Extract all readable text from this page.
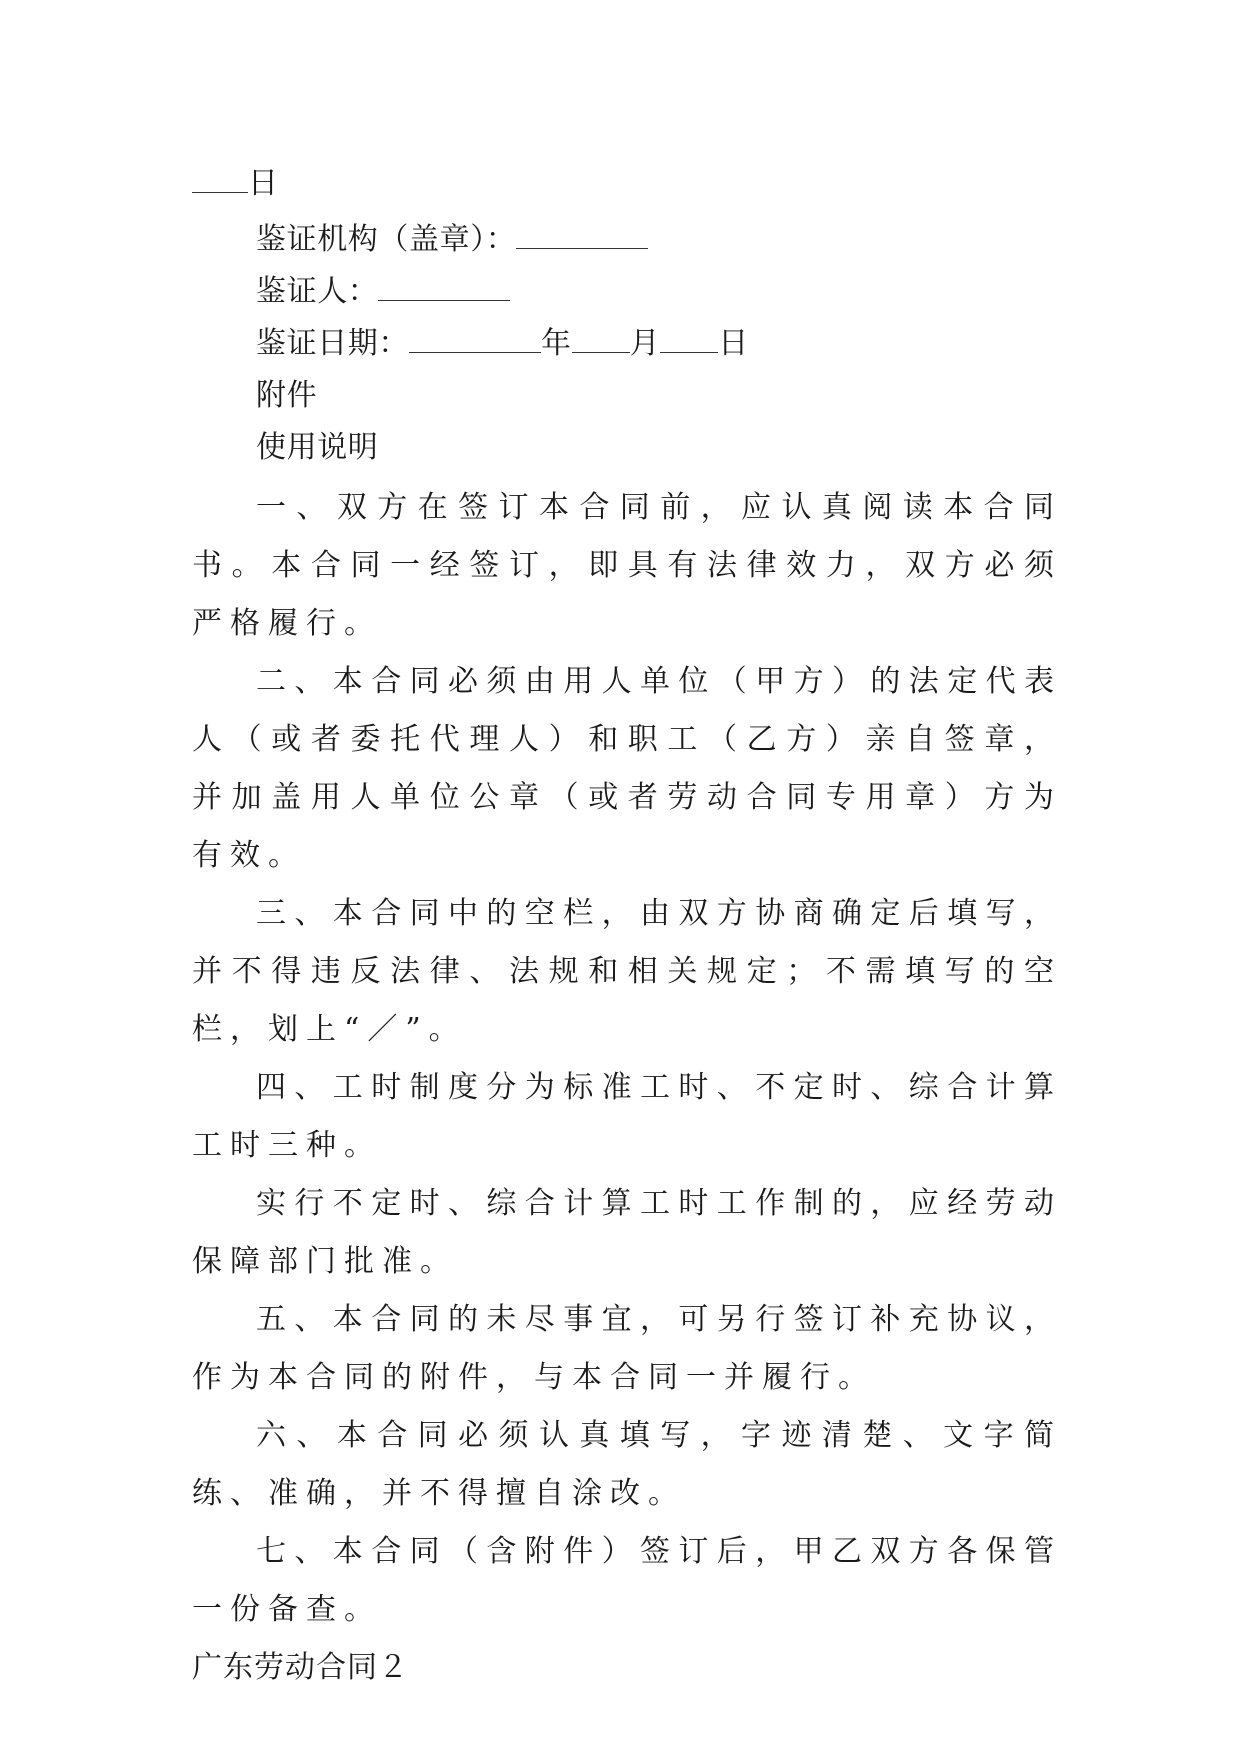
日

鉴证机构（盖章）：

鉴证人：

鉴证日期：	年 月 日

附件

使用说明

一、双方在签订本合同前，应认真阅读本合同书。本合同一经签订，即具有法律效力，双方必须严格履行。

二、本合同必须由用人单位（甲方）的法定代表人（或者委托代理人）和职工（乙方）亲自签章，并加盖用人单位公章（或者劳动合同专用章）方为有效。

三、本合同中的空栏，由双方协商确定后填写，并不得违反法律、法规和相关规定；不需填写的空栏，划上“／”。

四、工时制度分为标准工时、不定时、综合计算工时三种。

实行不定时、综合计算工时工作制的，应经劳动保障部门批准。

五、本合同的未尽事宜，可另行签订补充协议，作为本合同的附件，与本合同一并履行。

六、本合同必须认真填写，字迹清楚、文字简练、准确，并不得擅自涂改。

七、本合同（含附件）签订后，甲乙双方各保管一份备查。

广东劳动合同２
